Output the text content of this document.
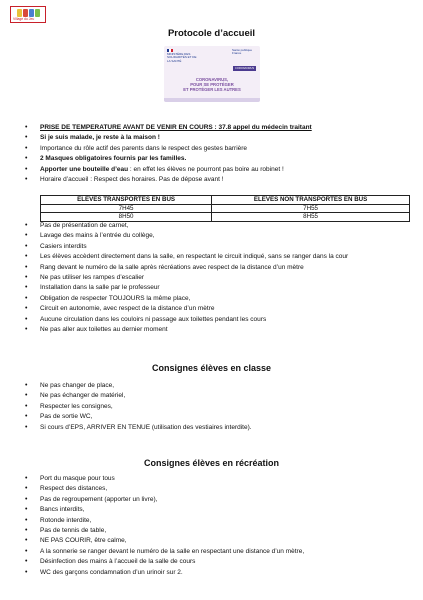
Village du Jeu
Protocole d’accueil

MINISTÈRE DES SOLIDARITÉS ET DE LA SANTÉ
Santé publique France
CORONAVIRUS
CORONAVIRUS,
POUR SE PROTÉGER
ET PROTÉGER LES AUTRES
• PRISE DE TEMPERATURE AVANT DE VENIR EN COURS : 37.8 appel du médecin traitant
• Si je suis malade, je reste à la maison !
• Importance du rôle actif des parents dans le respect des gestes barrière
• 2 Masques obligatoires fournis par les familles.
• Apporter une bouteille d’eau : en effet les élèves ne pourront pas boire au robinet !
• Horaire d’accueil : Respect des horaires. Pas de dépose avant !
ELEVES TRANSPORTES EN BUS	ELEVES NON TRANSPORTES EN BUS
7H45	7H55
8H50	8H55
• Pas de présentation de carnet,
• Lavage des mains à l’entrée du collège,
• Casiers interdits
• Les élèves accèdent directement dans la salle, en respectant le circuit indiqué, sans se ranger dans la cour
• Rang devant le numéro de la salle après récréations avec respect de la distance d’un mètre
• Ne pas utiliser les rampes d’escalier
• Installation dans la salle par le professeur
• Obligation de respecter TOUJOURS la même place,
• Circuit en autonomie, avec respect de la distance d’un mètre
• Aucune circulation dans les couloirs ni passage aux toilettes pendant les cours
• Ne pas aller aux toilettes au dernier moment
Consignes élèves en classe
• Ne pas changer de place,
• Ne pas échanger de matériel,
• Respecter les consignes,
• Pas de sortie WC,
• Si cours d’EPS, ARRIVER EN TENUE (utilisation des vestiaires interdite).
Consignes élèves en récréation
• Port du masque pour tous
• Respect des distances,
• Pas de regroupement (apporter un livre),
• Bancs interdits,
• Rotonde interdite,
• Pas de tennis de table,
• NE PAS COURIR, être calme,
• A la sonnerie se ranger devant le numéro de la salle en respectant une distance d’un mètre,
• Désinfection des mains à l’accueil de la salle de cours
• WC des garçons condamnation d’un urinoir sur 2.
